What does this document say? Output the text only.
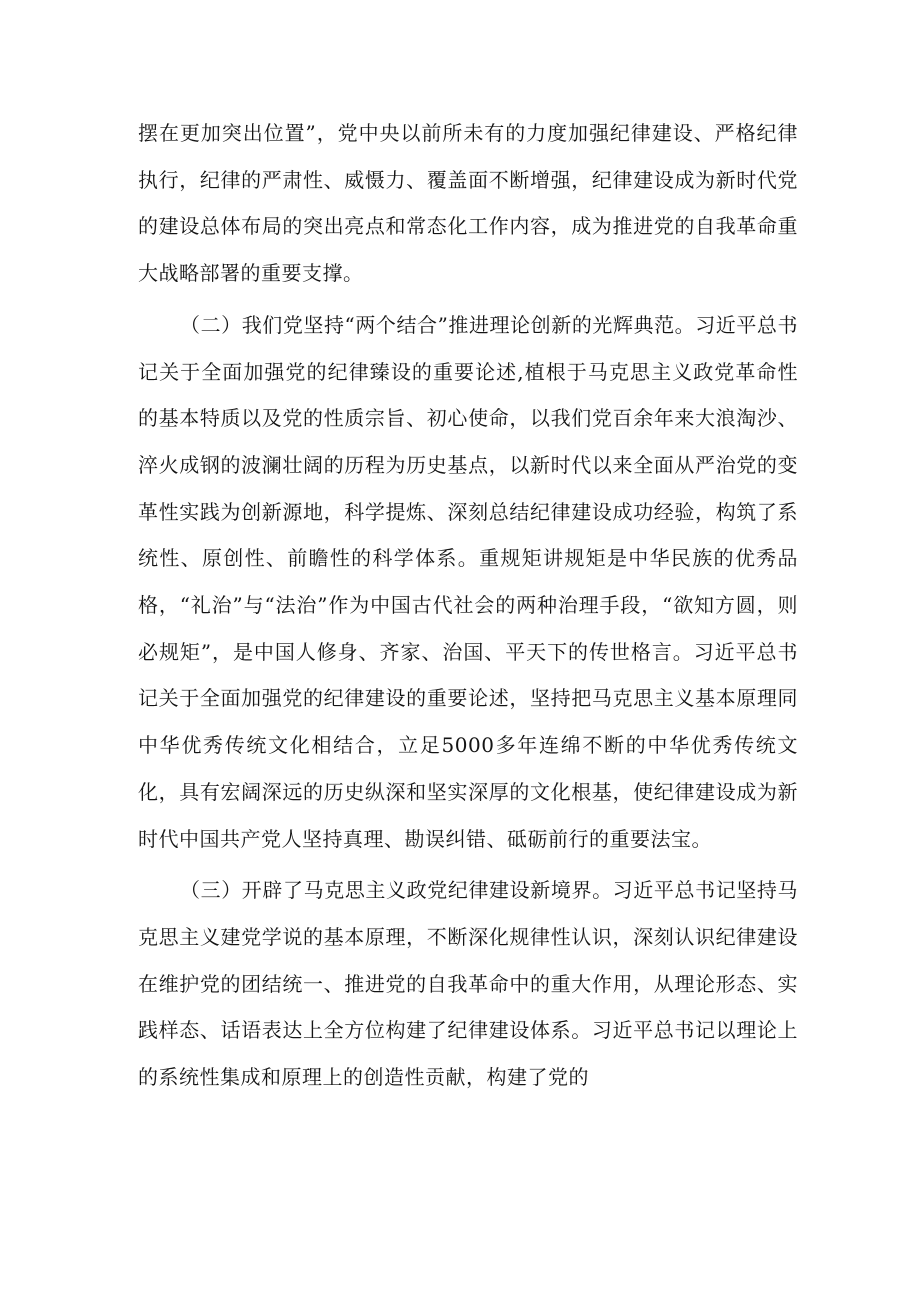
摆在更加突出位置”，党中央以前所未有的力度加强纪律建设、严格纪律执行，纪律的严肃性、威慑力、覆盖面不断增强，纪律建设成为新时代党的建设总体布局的突出亮点和常态化工作内容，成为推进党的自我革命重大战略部署的重要支撑。

（二）我们党坚持“两个结合”推进理论创新的光辉典范。习近平总书记关于全面加强党的纪律臻设的重要论述,植根于马克思主义政党革命性的基本特质以及党的性质宗旨、初心使命，以我们党百余年来大浪淘沙、淬火成钢的波澜壮阔的历程为历史基点，以新时代以来全面从严治党的变革性实践为创新源地，科学提炼、深刻总结纪律建设成功经验，构筑了系统性、原创性、前瞻性的科学体系。重规矩讲规矩是中华民族的优秀品格，“礼治”与“法治”作为中国古代社会的两种治理手段，“欲知方圆，则必规矩”，是中国人修身、齐家、治国、平天下的传世格言。习近平总书记关于全面加强党的纪律建设的重要论述，坚持把马克思主义基本原理同中华优秀传统文化相结合，立足5000多年连绵不断的中华优秀传统文化，具有宏阔深远的历史纵深和坚实深厚的文化根基，使纪律建设成为新时代中国共产党人坚持真理、勘误纠错、砥砺前行的重要法宝。

（三）开辟了马克思主义政党纪律建设新境界。习近平总书记坚持马克思主义建党学说的基本原理，不断深化规律性认识，深刻认识纪律建设在维护党的团结统一、推进党的自我革命中的重大作用，从理论形态、实践样态、话语表达上全方位构建了纪律建设体系。习近平总书记以理论上的系统性集成和原理上的创造性贡献，构建了党的
